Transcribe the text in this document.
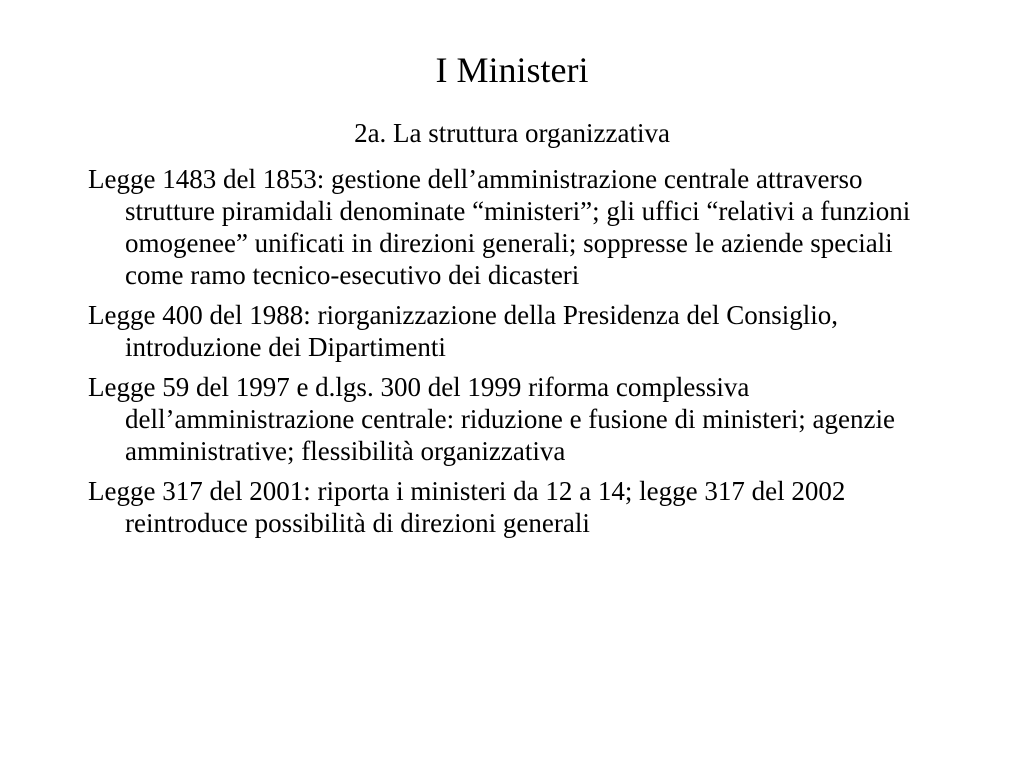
I Ministeri
2a. La struttura organizzativa
Legge 1483 del 1853: gestione dell’amministrazione centrale attraverso strutture piramidali denominate “ministeri”; gli uffici “relativi a funzioni omogenee” unificati in direzioni generali; soppresse le aziende speciali come ramo tecnico-esecutivo dei dicasteri
Legge 400 del 1988: riorganizzazione della Presidenza del Consiglio, introduzione dei Dipartimenti
Legge 59 del 1997 e d.lgs. 300 del 1999 riforma complessiva dell’amministrazione centrale: riduzione e fusione di ministeri; agenzie amministrative; flessibilità organizzativa
Legge 317 del 2001: riporta i ministeri da 12 a 14; legge 317 del 2002 reintroduce possibilità di direzioni generali
